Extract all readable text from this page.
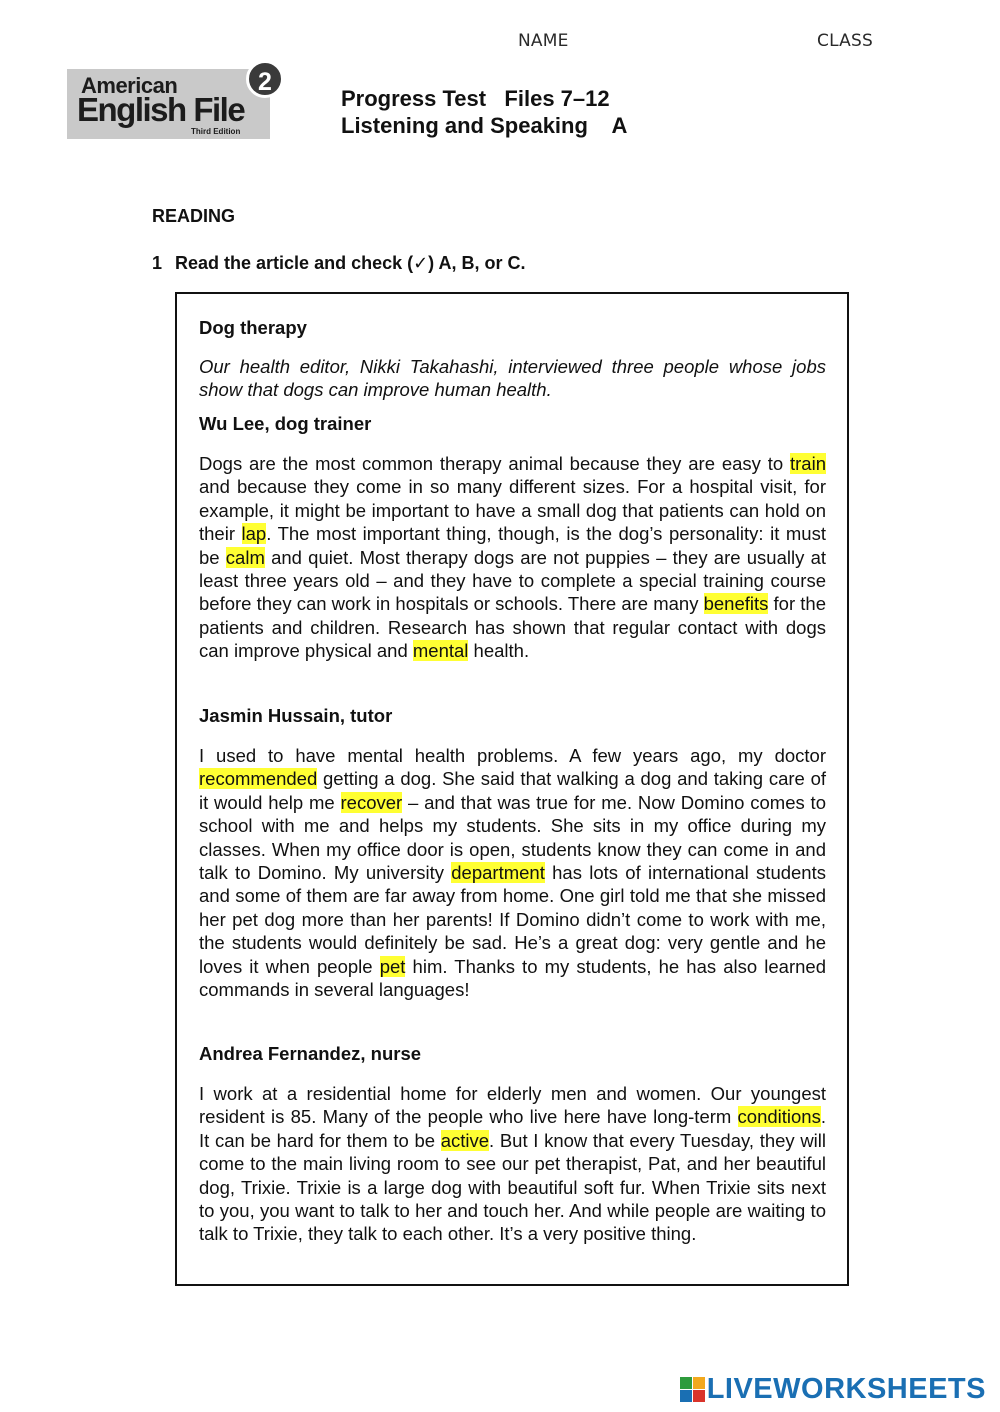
NAME	CLASS
American
English File
Third Edition
2
Progress Test   Files 7–12
Listening and Speaking    A
READING
1 Read the article and check (✓) A, B, or C.
Dog therapy

Our health editor, Nikki Takahashi, interviewed three people whose jobs show that dogs can improve human health.

Wu Lee, dog trainer

Dogs are the most common therapy animal because they are easy to train and because they come in so many different sizes. For a hospital visit, for example, it might be important to have a small dog that patients can hold on their lap. The most important thing, though, is the dog’s personality: it must be calm and quiet. Most therapy dogs are not puppies – they are usually at least three years old – and they have to complete a special training course before they can work in hospitals or schools. There are many benefits for the patients and children. Research has shown that regular contact with dogs can improve physical and mental health.

Jasmin Hussain, tutor

I used to have mental health problems. A few years ago, my doctor recommended getting a dog. She said that walking a dog and taking care of it would help me recover – and that was true for me. Now Domino comes to school with me and helps my students. She sits in my office during my classes. When my office door is open, students know they can come in and talk to Domino. My university department has lots of international students and some of them are far away from home. One girl told me that she missed her pet dog more than her parents! If Domino didn’t come to work with me, the students would definitely be sad. He’s a great dog: very gentle and he loves it when people pet him. Thanks to my students, he has also learned commands in several languages!

Andrea Fernandez, nurse

I work at a residential home for elderly men and women. Our youngest resident is 85. Many of the people who live here have long-term conditions. It can be hard for them to be active. But I know that every Tuesday, they will come to the main living room to see our pet therapist, Pat, and her beautiful dog, Trixie. Trixie is a large dog with beautiful soft fur. When Trixie sits next to you, you want to talk to her and touch her. And while people are waiting to talk to Trixie, they talk to each other. It’s a very positive thing.

LIVEWORKSHEETS
